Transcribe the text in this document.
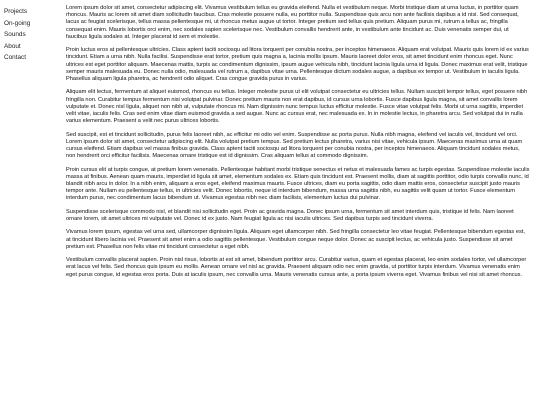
Projects
On-going
Sounds
About
Contact

Lorem ipsum dolor sit amet, consectetur adipiscing elit. Vivamus vestibulum tellus eu gravida eleifend. Nulla et vestibulum neque. Morbi tristique diam at urna luctus, in porttitor quam rhoncus. Mauris ac lorem sit amet diam sollicitudin faucibus. Cras molestie posuere nulla, eu porttitor nulla. Suspendisse quis arcu non ante facilisis dapibus a id nisi. Sed consequat, lacus ac feugiat scelerisque, tellus massa pellentesque mi, ut rhoncus metus augue ut tortor. Integer pretium sed tellus quis pretium. Aliquam purus mi, rutrum a tellus ac, fringilla consequat enim. Mauris lobortis orci enim, nec sodales sapien scelerisque nec. Vestibulum convallis hendrerit ante, in vestibulum ante tincidunt ac. Duis venenatis semper dui, ut faucibus ligula sodales at. Integer placerat id sem et molestie.

Proin luctus eros at pellentesque ultricies. Class aptent taciti sociosqu ad litora torquent per conubia nostra, per inceptos himenaeos. Aliquam erat volutpat. Mauris quis lorem id ex varius tincidunt. Etiam a urna nibh. Nulla facilisi. Suspendisse erat tortor, pretium quis magna a, lacinia mollis ipsum. Mauris laoreet dolor eros, sit amet tincidunt enim rhoncus eget. Nunc ultrices est eget porttitor aliquam. Maecenas mattis, turpis ac condimentum dignissim, ipsum augue vehicula nibh, tincidunt lacinia ligula urna id ligula. Donec maximus erat velit, tristique semper mauris malesuada eu. Donec nulla odio, malesuada vel rutrum a, dapibus vitae urna. Pellentesque dictum sodales augue, a dapibus ex tempor ut. Vestibulum in iaculis ligula. Phasellus aliquam ligula pharetra, ac hendrerit odio aliquet. Cras congue gravida purus in varius.

Aliquam elit lectus, fermentum at aliquet euismod, rhoncus eu tellus. Integer molestie purus ut elit volutpat consectetur eu ultricies tellus. Nullam suscipit tempor tellus, eget posuere nibh fringilla non. Curabitur tempus fermentum nisi volutpat pulvinar. Donec pretium mauris non erat dapibus, id cursus urna lobortis. Fusce dapibus ligula magna, sit amet convallis lorem vulputate et. Donec nisl ligula, aliquet non nibh at, vulputate rhoncus mi. Nam dignissim nunc tempus luctus efficitur molestie. Fusce vitae volutpat felis. Morbi ut urna sagittis, imperdiet velit vitae, iaculis felis. Cras sed enim vitae diam euismod gravida a sed augue. Nunc ac cursus erat, nec malesuada ex. In in molestie lectus, in pharetra arcu. Sed volutpat dui in nulla varius elementum. Praesent a velit nec purus ultrices lobortis.

Sed suscipit, est et tincidunt sollicitudin, purus felis laoreet nibh, ac efficitur mi odio vel enim. Suspendisse ac porta purus. Nulla nibh magna, eleifend vel iaculis vel, tincidunt vel orci. Lorem ipsum dolor sit amet, consectetur adipiscing elit. Nulla volutpat pretium tempus. Sed pretium lectus pharetra, varius nisi vitae, vehicula ipsum. Maecenas maximus urna at quam cursus eleifend. Etiam dapibus vel massa finibus gravida. Class aptent taciti sociosqu ad litora torquent per conubia nostra, per inceptos himenaeos. Aliquam tincidunt sodales metus, non hendrerit orci efficitur facilisis. Maecenas ornare tristique est id dignissim. Cras aliquam tellus at commodo dignissim.

Proin cursus elit at turpis congue, at pretium lorem venenatis. Pellentesque habitant morbi tristique senectus et netus et malesuada fames ac turpis egestas. Suspendisse molestie iaculis massa at finibus. Aenean quam mauris, imperdiet id ligula sit amet, elementum sodales ex. Etiam quis tincidunt est. Praesent mollis, diam at sagittis porttitor, odio turpis convallis nunc, id blandit nibh arcu in dolor. In a nibh enim, aliquam a eros eget, eleifend maximus mauris. Fusce ultrices, diam eu porta sagittis, odio diam mattis eros, consectetur suscipit justo mauris tempor ante. Nullam eu pellentesque tellus, in ultricies velit. Donec lobortis, neque id interdum bibendum, massa urna sagittis nibh, eu sagittis velit quam ut tortor. Fusce elementum interdum purus, nec condimentum lacus bibendum ut. Vivamus egestas nibh nec diam facilisis, elementum luctus dui pulvinar.

Suspendisse scelerisque commodo nisl, et blandit nisi sollicitudin eget. Proin ac gravida magna. Donec ipsum urna, fermentum sit amet interdum quis, tristique id felis. Nam laoreet ornare lorem, sit amet ultrices mi vulputate vel. Donec id ex justo. Nam feugiat ligula ac nisi iaculis ultrices. Sed dapibus turpis sed tincidunt viverra.

Vivamus lorem ipsum, egestas vel urna sed, ullamcorper dignissim ligula. Aliquam eget ullamcorper nibh. Sed fringilla consectetur leo vitae feugiat. Pellentesque bibendum egestas est, at tincidunt libero lacinia vel. Praesent sit amet enim a odio sagittis pellentesque. Vestibulum congue neque dolor. Donec ac suscipit lectus, ac vehicula justo. Suspendisse sit amet pretium est. Phasellus non felis vitae mi tincidunt consectetur a eget nibh.

Vestibulum convallis placerat sapien. Proin nisl risus, lobortis at est sit amet, bibendum porttitor arcu. Curabitur varius, quam et egestas placerat, leo enim sodales tortor, vel ullamcorper erat lacus vel felis. Sed rhoncus quis ipsum eu mollis. Aenean ornare vel nisl ac gravida. Praesent aliquam odio nec enim gravida, ut porttitor turpis interdum. Vivamus venenatis enim eget purus congue, id egestas eros porta. Duis at iaculis ipsum, nec convallis urna. Mauris venenatis cursus ante, a porta ipsum viverra eget. Vivamus finibus vel nisi sit amet rhoncus.
